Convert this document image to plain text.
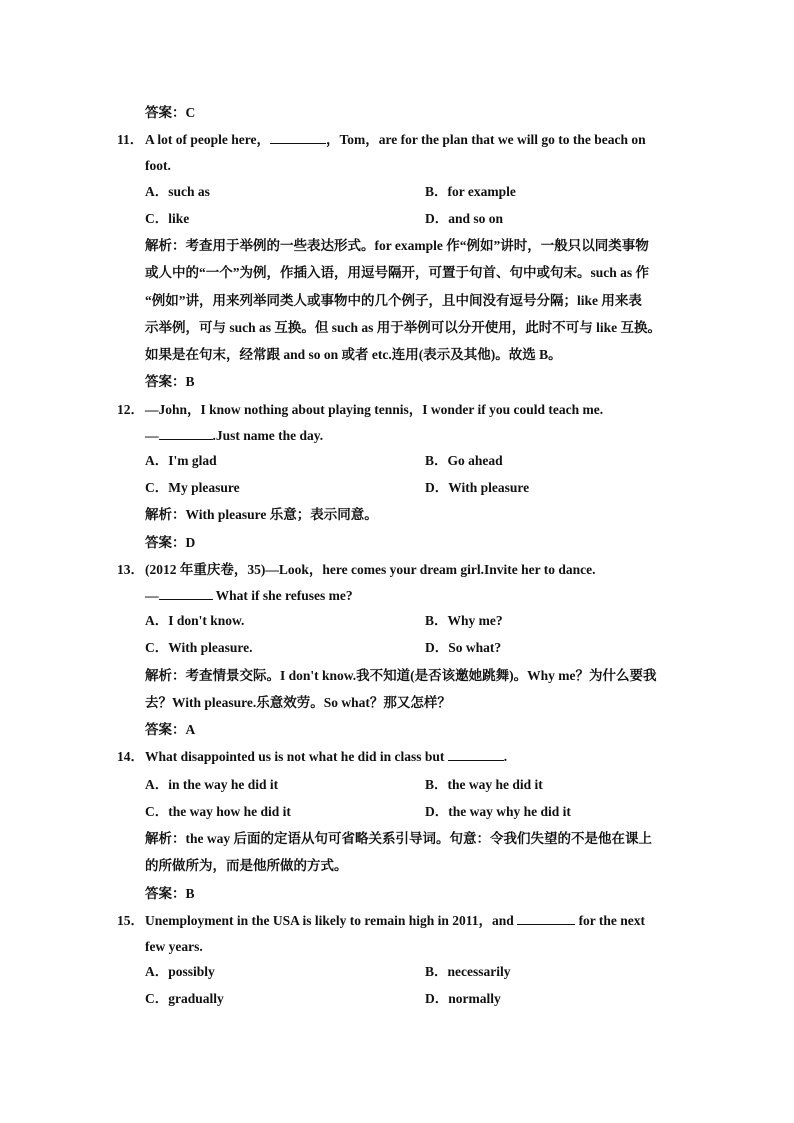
答案：C
11． A lot of people here，	，Tom，are for the plan that we will go to the beach on
foot.
A．such as	B．for example
C．like	D．and so on
解析：考查用于举例的一些表达形式。for example 作“例如”讲时，一般只以同类事物
或人中的“一个”为例，作插入语，用逗号隔开，可置于句首、句中或句末。such as 作
“例如”讲，用来列举同类人或事物中的几个例子，且中间没有逗号分隔；like 用来表
示举例，可与 such as 互换。但 such as 用于举例可以分开使用，此时不可与 like 互换。
如果是在句末，经常跟 and so on 或者 etc.连用(表示及其他)。故选 B。
答案：B
12． —John，I know nothing about playing tennis，I wonder if you could teach me.
—	.Just name the day.
A．I'm glad	B．Go ahead
C．My pleasure	D．With pleasure
解析：With pleasure 乐意；表示同意。
答案：D
13． (2012 年重庆卷，35)—Look，here comes your dream girl.Invite her to dance.
—	What if she refuses me?
A．I don't know.	B．Why me?
C．With pleasure.	D．So what?
解析：考查情景交际。I don't know.我不知道(是否该邀她跳舞)。Why me？为什么要我
去？With pleasure.乐意效劳。So what？那又怎样？
答案：A
14． What disappointed us is not what he did in class but	.
A．in the way he did it	B．the way he did it
C．the way how he did it	D．the way why he did it
解析：the way 后面的定语从句可省略关系引导词。句意：令我们失望的不是他在课上
的所做所为，而是他所做的方式。
答案：B
15． Unemployment in the USA is likely to remain high in 2011，and	for the next
few years.
A．possibly	B．necessarily
C．gradually	D．normally
